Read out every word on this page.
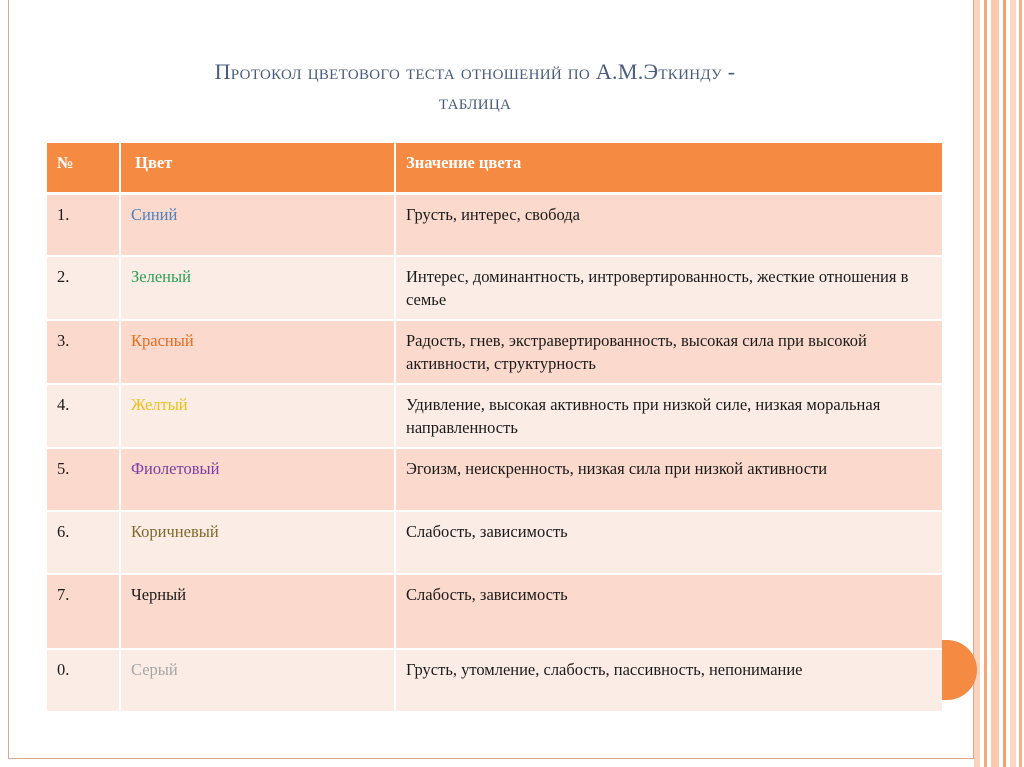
Протокол цветового теста отношений по А.М.Эткинду -
таблица
№	Цвет	Значение цвета
1.	Синий	Грусть, интерес, свобода
2.	Зеленый	Интерес, доминантность, интровертированность, жесткие отношения в семье
3.	Красный	Радость, гнев, экстравертированность, высокая сила при высокой активности, структурность
4.	Желтый	Удивление, высокая активность при низкой силе, низкая моральная направленность
5.	Фиолетовый	Эгоизм, неискренность, низкая сила при низкой активности
6.	Коричневый	Слабость, зависимость
7.	Черный	Слабость, зависимость
0.	Серый	Грусть, утомление, слабость, пассивность, непонимание
